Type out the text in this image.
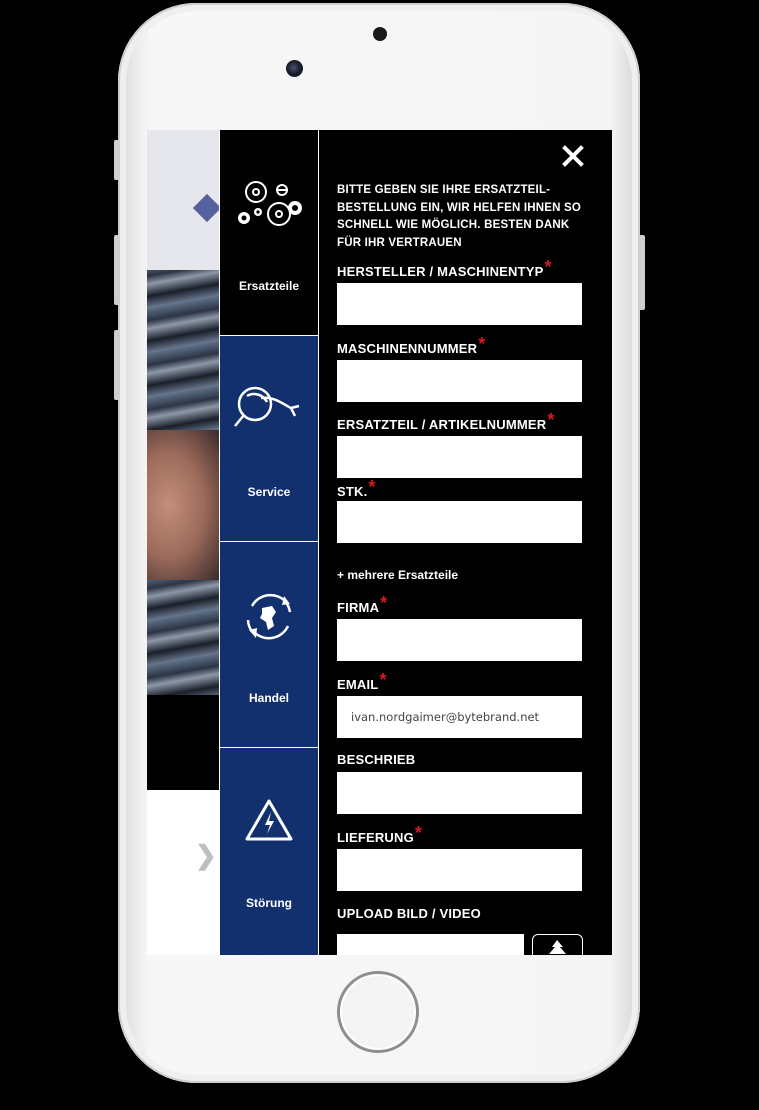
❯
Ersatzteile
Service
Handel
Störung
BITTE GEBEN SIE IHRE ERSATZTEIL-BESTELLUNG EIN, WIR HELFEN IHNEN SO SCHNELL WIE MÖGLICH. BESTEN DANK FÜR IHR VERTRAUEN
HERSTELLER / MASCHINENTYP*
MASCHINENNUMMER*
ERSATZTEIL / ARTIKELNUMMER*
STK.*
+ mehrere Ersatzteile
FIRMA*
EMAIL*
ivan.nordgaimer@bytebrand.net
BESCHRIEB
LIEFERUNG*
UPLOAD BILD / VIDEO
